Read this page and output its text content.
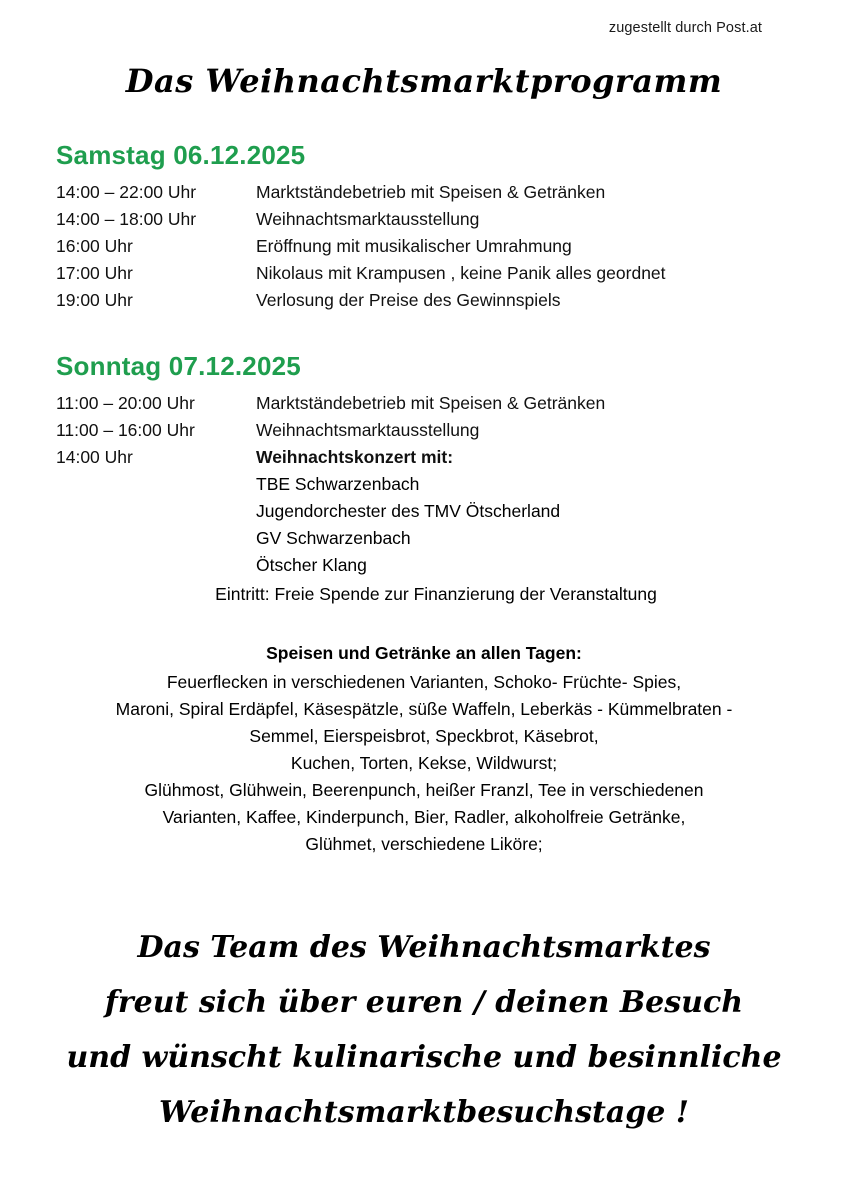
zugestellt durch Post.at
Das Weihnachtsmarktprogramm
Samstag 06.12.2025
14:00 – 22:00 Uhr	Marktständebetrieb mit Speisen & Getränken
14:00 – 18:00 Uhr	Weihnachtsmarktausstellung
16:00 Uhr	Eröffnung mit musikalischer Umrahmung
17:00 Uhr	Nikolaus mit Krampusen , keine Panik alles geordnet
19:00 Uhr	Verlosung der Preise des Gewinnspiels
Sonntag 07.12.2025
11:00 – 20:00 Uhr	Marktständebetrieb mit Speisen & Getränken
11:00 – 16:00 Uhr	Weihnachtsmarktausstellung
14:00 Uhr	Weihnachtskonzert mit:
TBE Schwarzenbach
Jugendorchester des TMV Ötscherland
GV Schwarzenbach
Ötscher Klang
Eintritt: Freie Spende zur Finanzierung der Veranstaltung
Speisen und Getränke an allen Tagen:
Feuerflecken in verschiedenen Varianten, Schoko- Früchte- Spies,
Maroni, Spiral Erdäpfel, Käsespätzle, süße Waffeln, Leberkäs - Kümmelbraten -
Semmel, Eierspeisbrot, Speckbrot, Käsebrot,
Kuchen, Torten, Kekse, Wildwurst;
Glühmost, Glühwein, Beerenpunch, heißer Franzl, Tee in verschiedenen
Varianten, Kaffee, Kinderpunch, Bier, Radler, alkoholfreie Getränke,
Glühmet, verschiedene Liköre;
Das Team des Weihnachtsmarktes
freut sich über euren / deinen Besuch
und wünscht kulinarische und besinnliche
Weihnachtsmarktbesuchstage !
